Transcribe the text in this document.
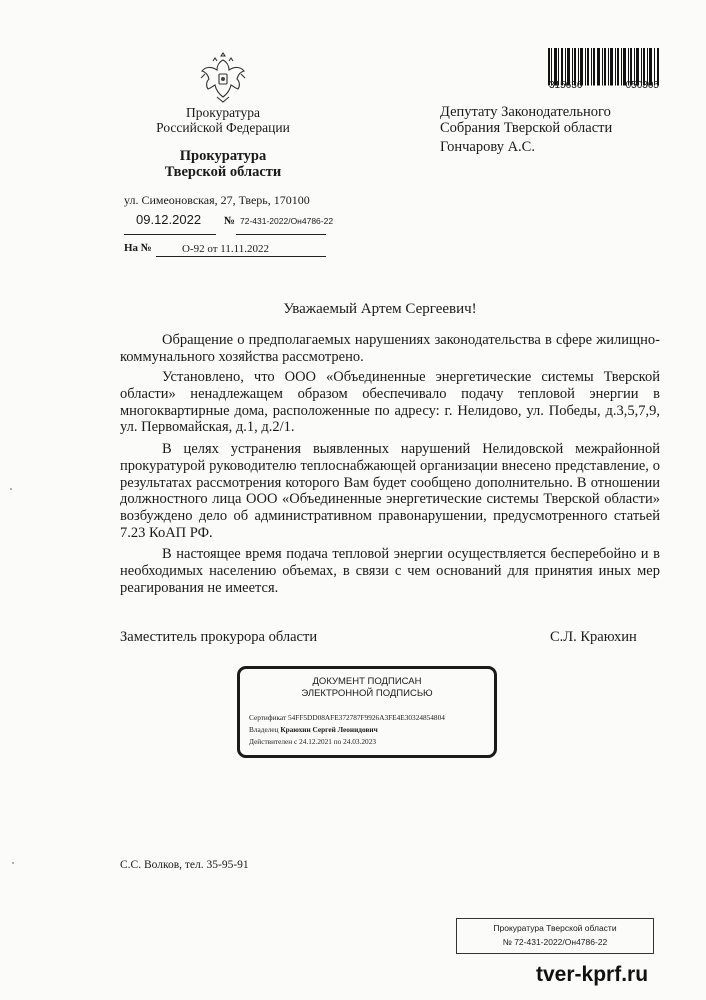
315636	050305
Прокуратура
Российской Федерации
Прокуратура
Тверской области
ул. Симеоновская, 27, Тверь, 170100
09.12.2022 № 72-431-2022/Он4786-22
На №	О-92 от 11.11.2022
Депутату Законодательного
Собрания Тверской области
Гончарову А.С.
Уважаемый Артем Сергеевич!
Обращение о предполагаемых нарушениях законодательства в сфере жилищно-коммунального хозяйства рассмотрено.
Установлено, что ООО «Объединенные энергетические системы Тверской области» ненадлежащем образом обеспечивало подачу тепловой энергии в многоквартирные дома, расположенные по адресу: г. Нелидово, ул. Победы, д.3,5,7,9, ул. Первомайская, д.1, д.2/1.
В целях устранения выявленных нарушений Нелидовской межрайонной прокуратурой руководителю теплоснабжающей организации внесено представление, о результатах рассмотрения которого Вам будет сообщено дополнительно. В отношении должностного лица ООО «Объединенные энергетические системы Тверской области» возбуждено дело об административном правонарушении, предусмотренного статьей 7.23 КоАП РФ.
В настоящее время подача тепловой энергии осуществляется бесперебойно и в необходимых населению объемах, в связи с чем оснований для принятия иных мер реагирования не имеется.
Заместитель прокурора области	С.Л. Краюхин
ДОКУМЕНТ ПОДПИСАН
ЭЛЕКТРОННОЙ ПОДПИСЬЮ
Сертификат 54FF5DD08AFE372787F9926A3FE4E30324854804
Владелец Краюхин Сергей Леонидович
Действителен с 24.12.2021 по 24.03.2023
С.С. Волков, тел. 35-95-91
Прокуратура Тверской области
№ 72-431-2022/Он4786-22
tver-kprf.ru
